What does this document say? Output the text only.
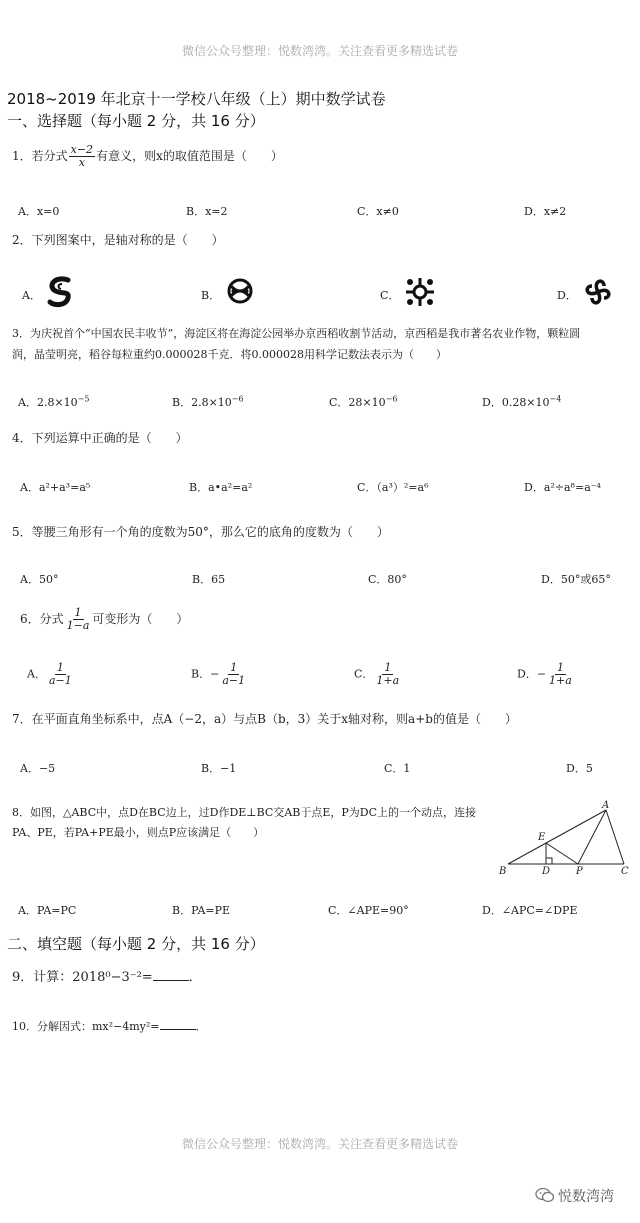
微信公众号整理：悦数湾湾。关注查看更多精选试卷
2018~2019 年北京十一学校八年级（上）期中数学试卷
一、选择题（每小题 2 分，共 16 分）
1．若分式 $\frac{x-2}{x}$ 有意义，则x的取值范围是（　　）
A．x=0	B．x=2	C．x≠0	D．x≠2
2．下列图案中，是轴对称的是（　　）
A．	B．	C．	D．
3．为庆祝首个“中国农民丰收节”，海淀区将在海淀公园举办京西稻收割节活动，京西稻是我市著名农业作物，颗粒圆
润，晶莹明亮，稻谷每粒重约0.000028千克．将0.000028用科学记数法表示为（　　）
A．$2.8\times 10^{-5}$	B．$2.8\times 10^{-6}$	C．$28\times 10^{-6}$	D．$0.28\times 10^{-4}$
4．下列运算中正确的是（　　）
A．a²+a³=a⁵	B．a•a²=a²	C．（a³）²=a⁶	D．a²÷a⁸=a⁻⁴
5．等腰三角形有一个角的度数为50°，那么它的底角的度数为（　　）
A．50°	B．65	C．80°	D．50°或65°
6．分式 $\frac{1}{1-a}$ 可变形为（　　）
A． $\frac{1}{a-1}$	B．− $\frac{1}{a-1}$	C． $\frac{1}{1+a}$	D．− $\frac{1}{1+a}$
7．在平面直角坐标系中，点A（−2，a）与点B（b，3）关于x轴对称，则a+b的值是（　　）
A．−5	B．−1	C．1	D．5
8．如图，△ABC中，点D在BC边上，过D作DE⊥BC交AB于点E，P为DC上的一个动点，连接
PA、PE，若PA+PE最小，则点P应该满足（　　）
A
E
B	D	P	C
A．PA=PC	B．PA=PE	C．∠APE=90°	D．∠APC=∠DPE
二、填空题（每小题 2 分，共 16 分）
9．计算：2018⁰−3⁻²=	．
10．分解因式：mx²−4my²=	．
微信公众号整理：悦数湾湾。关注查看更多精选试卷
悦数湾湾
